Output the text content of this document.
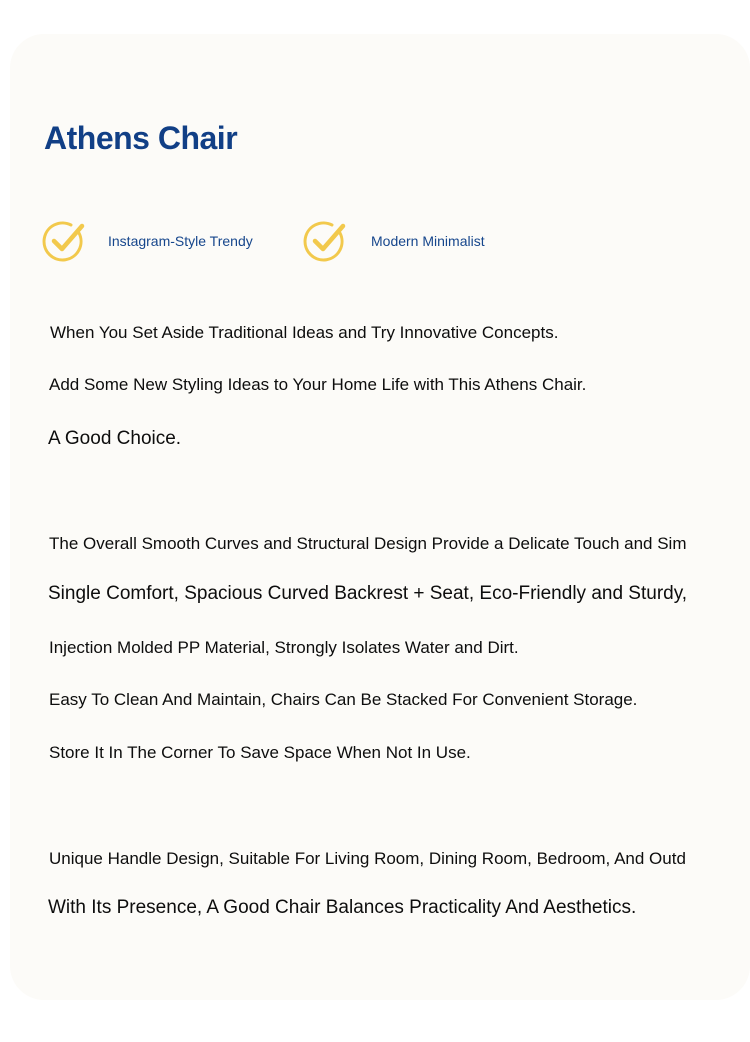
Athens Chair
Instagram-Style Trendy	Modern Minimalist

When You Set Aside Traditional Ideas and Try Innovative Concepts.

Add Some New Styling Ideas to Your Home Life with This Athens Chair.

A Good Choice.

The Overall Smooth Curves and Structural Design Provide a Delicate Touch and Sim

Single Comfort, Spacious Curved Backrest + Seat, Eco-Friendly and Sturdy,

Injection Molded PP Material, Strongly Isolates Water and Dirt.

Easy To Clean And Maintain, Chairs Can Be Stacked For Convenient Storage.

Store It In The Corner To Save Space When Not In Use.

Unique Handle Design, Suitable For Living Room, Dining Room, Bedroom, And Outd

With Its Presence, A Good Chair Balances Practicality And Aesthetics.
